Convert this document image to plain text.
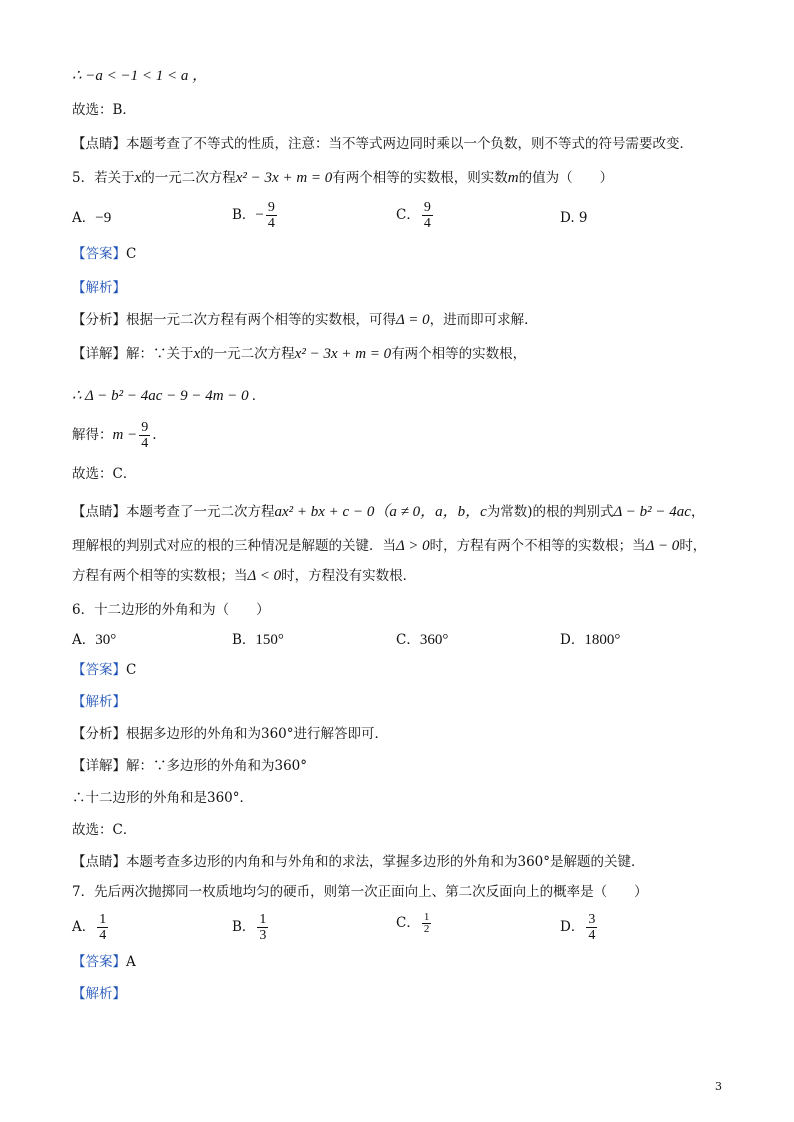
∴ −a < −1 < 1 < a ，
故选：B．
【点睛】本题考查了不等式的性质，注意：当不等式两边同时乘以一个负数，则不等式的符号需要改变．
5．若关于x的一元二次方程x² − 3x + m = 0有两个相等的实数根，则实数m的值为（　　）
A．−9	B．− $\frac{9}{4}$	C． $\frac{9}{4}$	D. 9
【答案】C
【解析】
【分析】根据一元二次方程有两个相等的实数根，可得Δ = 0，进而即可求解．
【详解】解：∵关于x的一元二次方程x² − 3x + m = 0有两个相等的实数根，
∴ Δ − b² − 4ac − 9 − 4m − 0 .
解得：$m - \frac{9}{4}$ .
故选：C．
【点睛】本题考查了一元二次方程ax² + bx + c − 0（a ≠ 0，a，b，c为常数)的根的判别式Δ − b² − 4ac，
理解根的判别式对应的根的三种情况是解题的关键．当Δ > 0时，方程有两个不相等的实数根；当Δ − 0时，
方程有两个相等的实数根；当Δ < 0时，方程没有实数根．
6．十二边形的外角和为（　　）
A．30°	B．150°	C．360°	D．1800°
【答案】C
【解析】
【分析】根据多边形的外角和为360°进行解答即可．
【详解】解：∵多边形的外角和为360°
∴十二边形的外角和是360°．
故选：C．
【点睛】本题考查多边形的内角和与外角和的求法，掌握多边形的外角和为360°是解题的关键．
7．先后两次抛掷同一枚质地均匀的硬币，则第一次正面向上、第二次反面向上的概率是（　　）
A． $\frac{1}{4}$	B． $\frac{1}{3}$	C． $\frac{1}{2}$	D． $\frac{3}{4}$
【答案】A
【解析】
3
